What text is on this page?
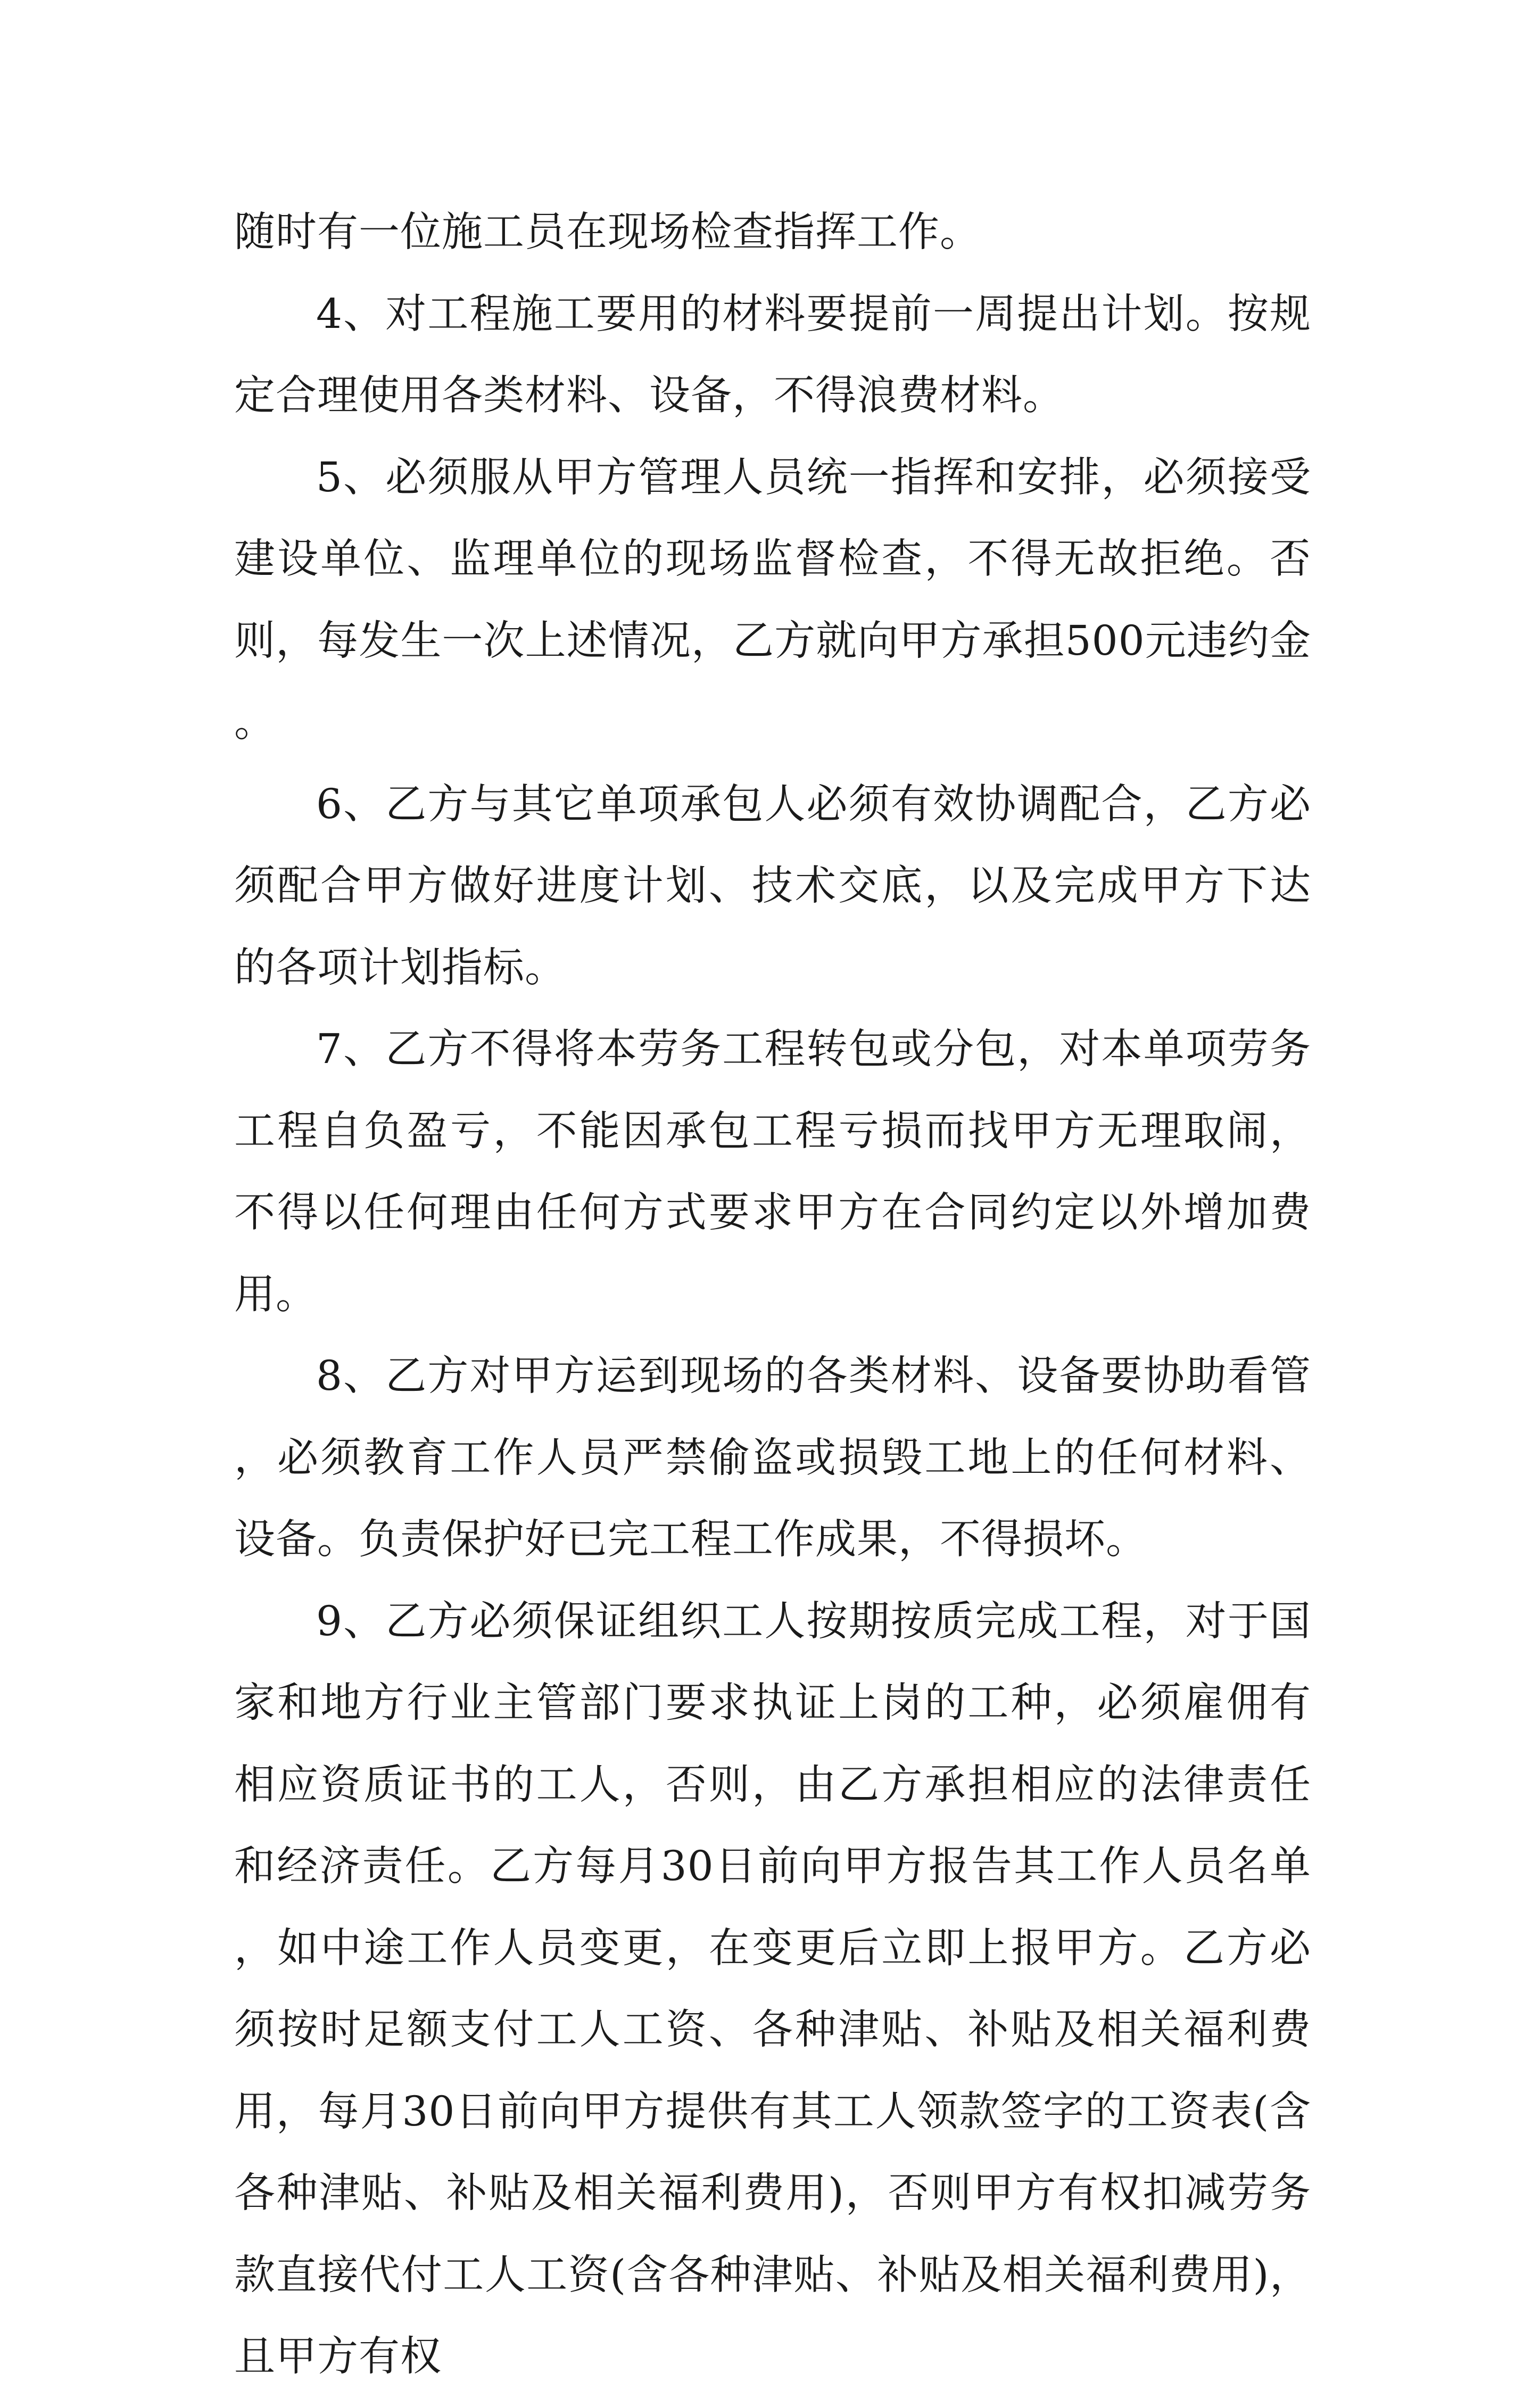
随时有一位施工员在现场检查指挥工作。

4、对工程施工要用的材料要提前一周提出计划。按规定合理使用各类材料、设备，不得浪费材料。

5、必须服从甲方管理人员统一指挥和安排，必须接受建设单位、监理单位的现场监督检查，不得无故拒绝。否则，每发生一次上述情况，乙方就向甲方承担500元违约金。

6、乙方与其它单项承包人必须有效协调配合，乙方必须配合甲方做好进度计划、技术交底，以及完成甲方下达的各项计划指标。

7、乙方不得将本劳务工程转包或分包，对本单项劳务工程自负盈亏，不能因承包工程亏损而找甲方无理取闹，不得以任何理由任何方式要求甲方在合同约定以外增加费用。

8、乙方对甲方运到现场的各类材料、设备要协助看管，必须教育工作人员严禁偷盗或损毁工地上的任何材料、设备。负责保护好已完工程工作成果，不得损坏。

9、乙方必须保证组织工人按期按质完成工程，对于国家和地方行业主管部门要求执证上岗的工种，必须雇佣有相应资质证书的工人，否则，由乙方承担相应的法律责任和经济责任。乙方每月30日前向甲方报告其工作人员名单，如中途工作人员变更，在变更后立即上报甲方。乙方必须按时足额支付工人工资、各种津贴、补贴及相关福利费用，每月30日前向甲方提供有其工人领款签字的工资表(含各种津贴、补贴及相关福利费用)，否则甲方有权扣减劳务款直接代付工人工资(含各种津贴、补贴及相关福利费用)，且甲方有权
